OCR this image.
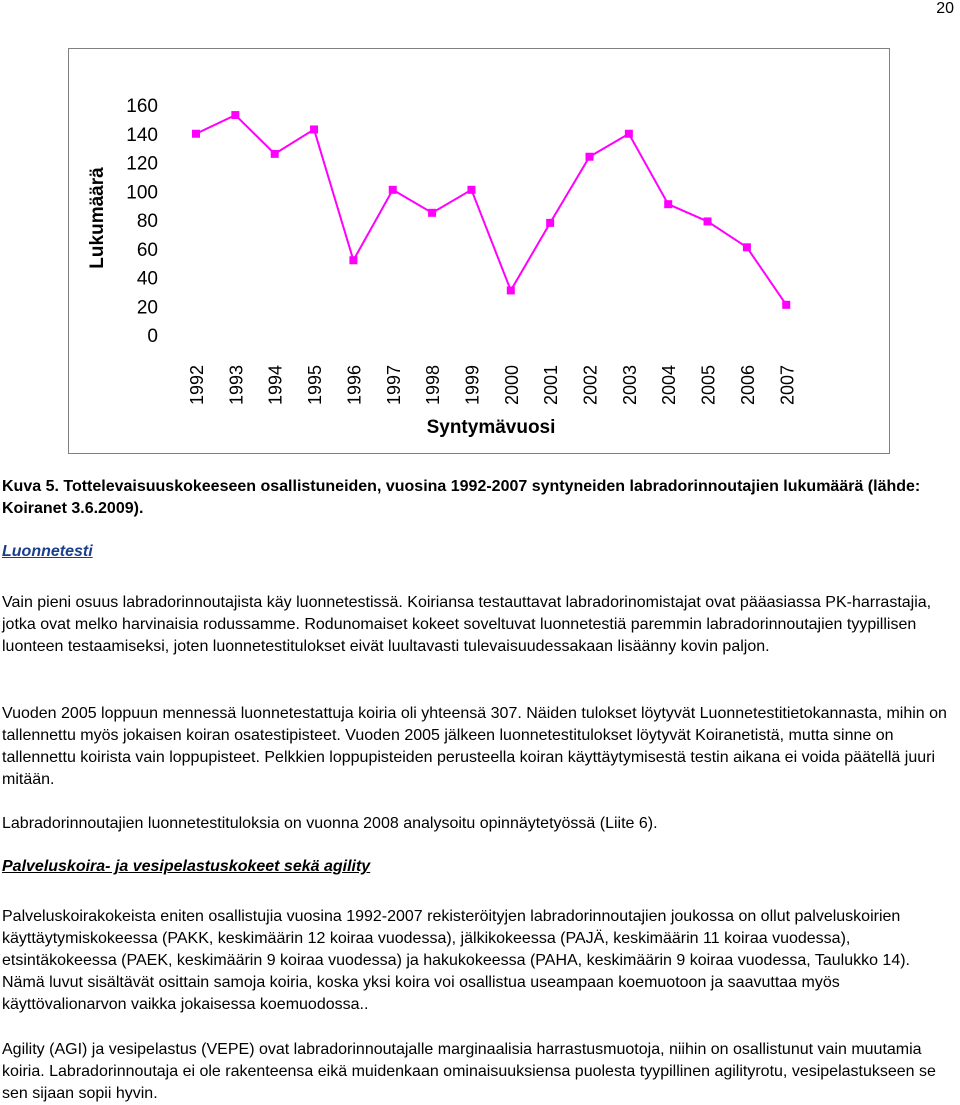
20
Lukumäärä
Syntymävuosi
0
20
40
60
80
100
120
140
160
1992 1993 1994 1995 1996 1997 1998 1999 2000 2001 2002 2003 2004 2005 2006 2007
Kuva 5. Tottelevaisuuskokeeseen osallistuneiden, vuosina 1992-2007 syntyneiden labradorinnoutajien lukumäärä (lähde: Koiranet 3.6.2009).
Luonnetesti

Vain pieni osuus labradorinnoutajista käy luonnetestissä. Koiriansa testauttavat labradorinomistajat ovat pääasiassa PK-harrastajia, jotka ovat melko harvinaisia rodussamme. Rodunomaiset kokeet soveltuvat luonnetestiä paremmin labradorinnoutajien tyypillisen luonteen testaamiseksi, joten luonnetestitulokset eivät luultavasti tulevaisuudessakaan lisäänny kovin paljon.

Vuoden 2005 loppuun mennessä luonnetestattuja koiria oli yhteensä 307. Näiden tulokset löytyvät Luonnetestitietokannasta, mihin on tallennettu myös jokaisen koiran osatestipisteet. Vuoden 2005 jälkeen luonnetestitulokset löytyvät Koiranetistä, mutta sinne on tallennettu koirista vain loppupisteet. Pelkkien loppupisteiden perusteella koiran käyttäytymisestä testin aikana ei voida päätellä juuri mitään.

Labradorinnoutajien luonnetestituloksia on vuonna 2008 analysoitu opinnäytetyössä (Liite 6).

Palveluskoira- ja vesipelastuskokeet sekä agility

Palveluskoirakokeista eniten osallistujia vuosina 1992-2007 rekisteröityjen labradorinnoutajien joukossa on ollut palveluskoirien käyttäytymiskokeessa (PAKK, keskimäärin 12 koiraa vuodessa), jälkikokeessa (PAJÄ, keskimäärin 11 koiraa vuodessa), etsintäkokeessa (PAEK, keskimäärin 9 koiraa vuodessa) ja hakukokeessa (PAHA, keskimäärin 9 koiraa vuodessa, Taulukko 14). Nämä luvut sisältävät osittain samoja koiria, koska yksi koira voi osallistua useampaan koemuotoon ja saavuttaa myös käyttövalionarvon vaikka jokaisessa koemuodossa..

Agility (AGI) ja vesipelastus (VEPE) ovat labradorinnoutajalle marginaalisia harrastusmuotoja, niihin on osallistunut vain muutamia koiria. Labradorinnoutaja ei ole rakenteensa eikä muidenkaan ominaisuuksiensa puolesta tyypillinen agilityrotu, vesipelastukseen se sen sijaan sopii hyvin.
